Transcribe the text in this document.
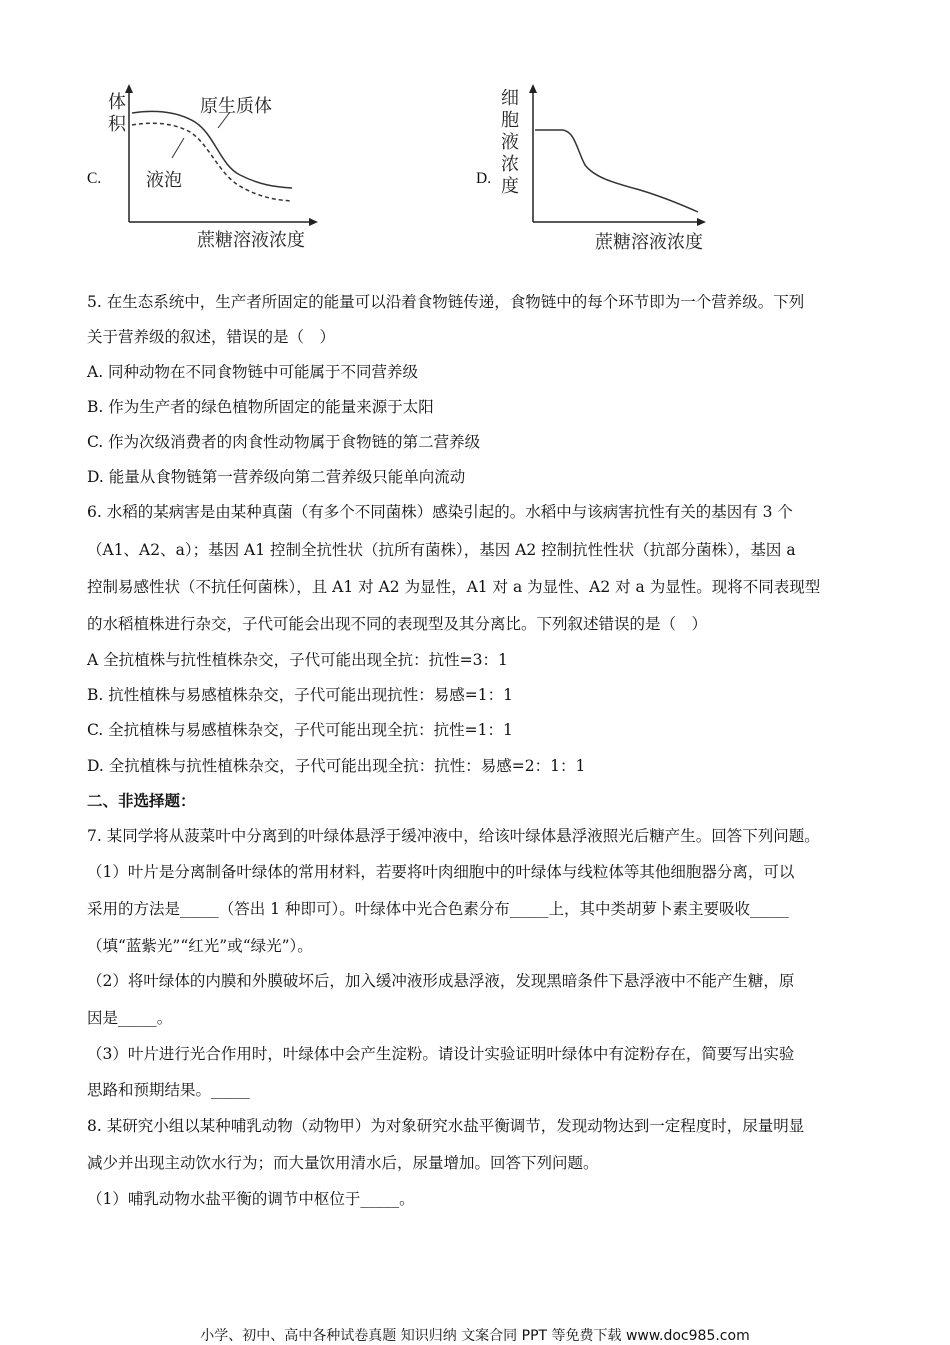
体
积
原生质体
液泡
蔗糖溶液浓度
C.
细
胞
液
浓
度
蔗糖溶液浓度
D.
5. 在生态系统中，生产者所固定的能量可以沿着食物链传递，食物链中的每个环节即为一个营养级。下列
关于营养级的叙述，错误的是（　）
A. 同种动物在不同食物链中可能属于不同营养级
B. 作为生产者的绿色植物所固定的能量来源于太阳
C. 作为次级消费者的肉食性动物属于食物链的第二营养级
D. 能量从食物链第一营养级向第二营养级只能单向流动
6. 水稻的某病害是由某种真菌（有多个不同菌株）感染引起的。水稻中与该病害抗性有关的基因有 3 个
（A1、A2、a）；基因 A1 控制全抗性状（抗所有菌株），基因 A2 控制抗性性状（抗部分菌株），基因 a
控制易感性状（不抗任何菌株），且 A1 对 A2 为显性，A1 对 a 为显性、A2 对 a 为显性。现将不同表现型
的水稻植株进行杂交，子代可能会出现不同的表现型及其分离比。下列叙述错误的是（　）
A 全抗植株与抗性植株杂交，子代可能出现全抗：抗性=3：1
B. 抗性植株与易感植株杂交，子代可能出现抗性：易感=1：1
C. 全抗植株与易感植株杂交，子代可能出现全抗：抗性=1：1
D. 全抗植株与抗性植株杂交，子代可能出现全抗：抗性：易感=2：1：1
二、非选择题：
7. 某同学将从菠菜叶中分离到的叶绿体悬浮于缓冲液中，给该叶绿体悬浮液照光后糖产生。回答下列问题。
（1）叶片是分离制备叶绿体的常用材料，若要将叶肉细胞中的叶绿体与线粒体等其他细胞器分离，可以
采用的方法是_____（答出 1 种即可）。叶绿体中光合色素分布_____上，其中类胡萝卜素主要吸收_____
（填“蓝紫光”“红光”或“绿光”）。
（2）将叶绿体的内膜和外膜破坏后，加入缓冲液形成悬浮液，发现黑暗条件下悬浮液中不能产生糖，原
因是_____。
（3）叶片进行光合作用时，叶绿体中会产生淀粉。请设计实验证明叶绿体中有淀粉存在，简要写出实验
思路和预期结果。_____
8. 某研究小组以某种哺乳动物（动物甲）为对象研究水盐平衡调节，发现动物达到一定程度时，尿量明显
减少并出现主动饮水行为；而大量饮用清水后，尿量增加。回答下列问题。
（1）哺乳动物水盐平衡的调节中枢位于_____。
小学、初中、高中各种试卷真题 知识归纳 文案合同 PPT 等免费下载 www.doc985.com
